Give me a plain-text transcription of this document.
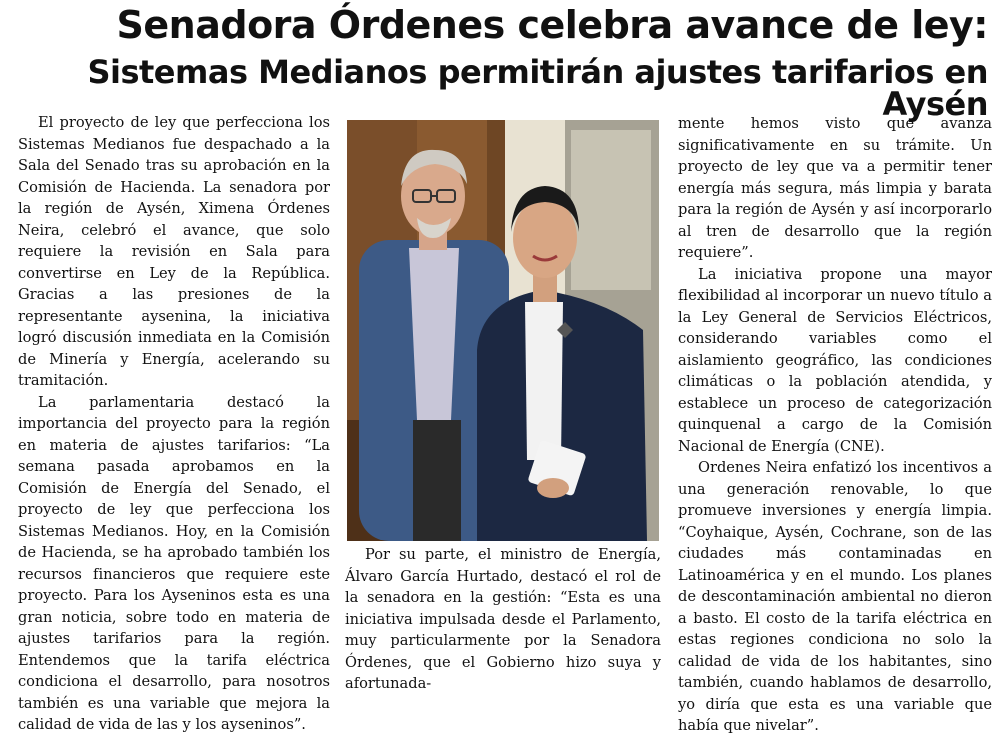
Senadora Órdenes celebra avance de ley:
Sistemas Medianos permitirán ajustes tarifarios en Aysén

El proyecto de ley que perfecciona los Sistemas Medianos fue despachado a la Sala del Senado tras su aprobación en la Comisión de Hacienda. La senadora por la región de Aysén, Ximena Órdenes Neira, celebró el avance, que solo requiere la revisión en Sala para convertirse en Ley de la República. Gracias a las presiones de la representante aysenina, la iniciativa logró discusión inmediata en la Comisión de Minería y Energía, acelerando su tramitación.

La parlamentaria destacó la importancia del proyecto para la región en materia de ajustes tarifarios: “La semana pasada aprobamos en la Comisión de Energía del Senado, el proyecto de ley que perfecciona los Sistemas Medianos. Hoy, en la Comisión de Hacienda, se ha aprobado también los recursos financieros que requiere este proyecto. Para los Ayseninos esta es una gran noticia, sobre todo en materia de ajustes tarifarios para la región. Entendemos que la tarifa eléctrica condiciona el desarrollo, para nosotros también es una variable que mejora la calidad de vida de las y los ayseninos”.

Por su parte, el ministro de Energía, Álvaro García Hurtado, destacó el rol de la senadora en la gestión: “Esta es una iniciativa impulsada desde el Parlamento, muy particularmente por la Senadora Órdenes, que el Gobierno hizo suya y afortunada-

mente hemos visto que avanza significativamente en su trámite. Un proyecto de ley que va a permitir tener energía más segura, más limpia y barata para la región de Aysén y así incorporarlo al tren de desarrollo que la región requiere”.

La iniciativa propone una mayor flexibilidad al incorporar un nuevo título a la Ley General de Servicios Eléctricos, considerando variables como el aislamiento geográfico, las condiciones climáticas o la población atendida, y establece un proceso de categorización quinquenal a cargo de la Comisión Nacional de Energía (CNE).

Ordenes Neira enfatizó los incentivos a una generación renovable, lo que promueve inversiones y energía limpia. “Coyhaique, Aysén, Cochrane, son de las ciudades más contaminadas en Latinoamérica y en el mundo. Los planes de descontaminación ambiental no dieron a basto. El costo de la tarifa eléctrica en estas regiones condiciona no solo la calidad de vida de los habitantes, sino también, cuando hablamos de desarrollo, yo diría que esta es una variable que había que nivelar”.
